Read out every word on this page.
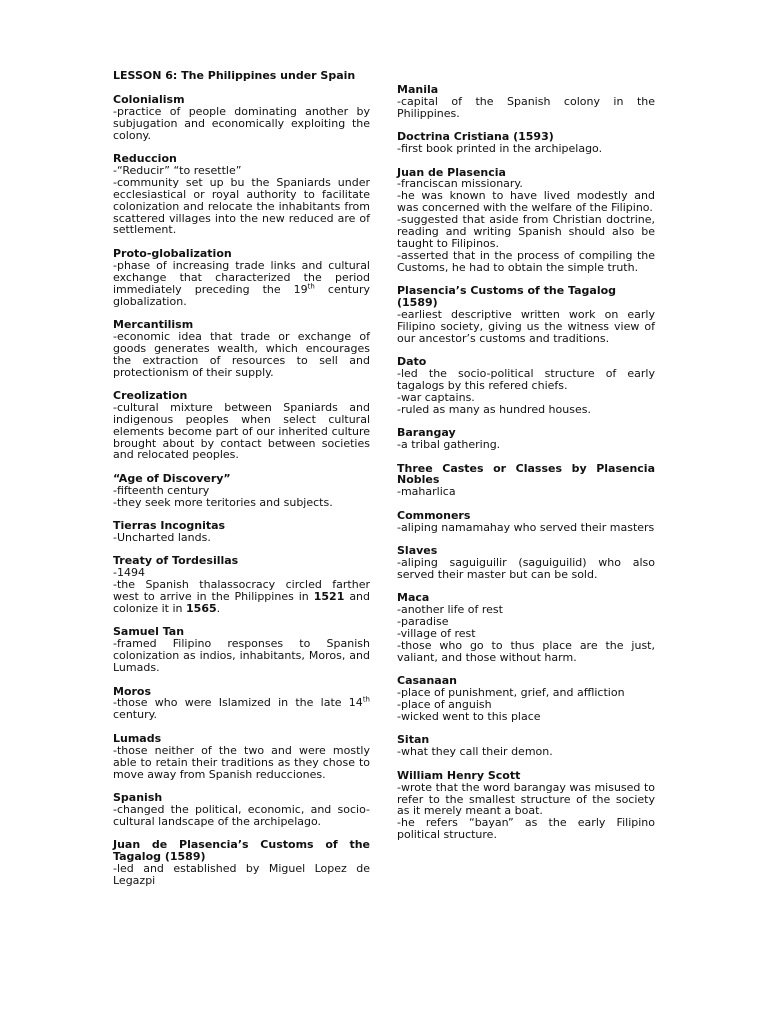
LESSON 6: The Philippines under Spain
Colonialism
-practice of people dominating another by subjugation and economically exploiting the colony.
Reduccion
-“Reducir” “to resettle”
-community set up bu the Spaniards under ecclesiastical or royal authority to facilitate colonization and relocate the inhabitants from scattered villages into the new reduced are of settlement.
Proto-globalization
-phase of increasing trade links and cultural exchange that characterized the period immediately preceding the 19th century globalization.
Mercantilism
-economic idea that trade or exchange of goods generates wealth, which encourages the extraction of resources to sell and protectionism of their supply.
Creolization
-cultural mixture between Spaniards and indigenous peoples when select cultural elements become part of our inherited culture brought about by contact between societies and relocated peoples.
“Age of Discovery”
-fifteenth century
-they seek more teritories and subjects.
Tierras Incognitas
-Uncharted lands.
Treaty of Tordesillas
-1494
-the Spanish thalassocracy circled farther west to arrive in the Philippines in 1521 and colonize it in 1565.
Samuel Tan
-framed Filipino responses to Spanish colonization as indios, inhabitants, Moros, and Lumads.
Moros
-those who were Islamized in the late 14th century.
Lumads
-those neither of the two and were mostly able to retain their traditions as they chose to move away from Spanish reducciones.
Spanish
-changed the political, economic, and socio-cultural landscape of the archipelago.
Juan de Plasencia’s Customs of the Tagalog (1589)
-led and established by Miguel Lopez de Legazpi
Manila
-capital of the Spanish colony in the Philippines.
Doctrina Cristiana (1593)
-first book printed in the archipelago.
Juan de Plasencia
-franciscan missionary.
-he was known to have lived modestly and was concerned with the welfare of the Filipino.
-suggested that aside from Christian doctrine, reading and writing Spanish should also be taught to Filipinos.
-asserted that in the process of compiling the Customs, he had to obtain the simple truth.
Plasencia’s Customs of the Tagalog (1589)
-earliest descriptive written work on early Filipino society, giving us the witness view of our ancestor’s customs and traditions.
Dato
-led the socio-political structure of early tagalogs by this refered chiefs.
-war captains.
-ruled as many as hundred houses.
Barangay
-a tribal gathering.
Three Castes or Classes by Plasencia
Nobles
-maharlica
Commoners
-aliping namamahay who served their masters
Slaves
-aliping saguiguilir (saguiguilid) who also served their master but can be sold.
Maca
-another life of rest
-paradise
-village of rest
-those who go to thus place are the just, valiant, and those without harm.
Casanaan
-place of punishment, grief, and affliction
-place of anguish
-wicked went to this place
Sitan
-what they call their demon.
William Henry Scott
-wrote that the word barangay was misused to refer to the smallest structure of the society as it merely meant a boat.
-he refers “bayan” as the early Filipino political structure.
